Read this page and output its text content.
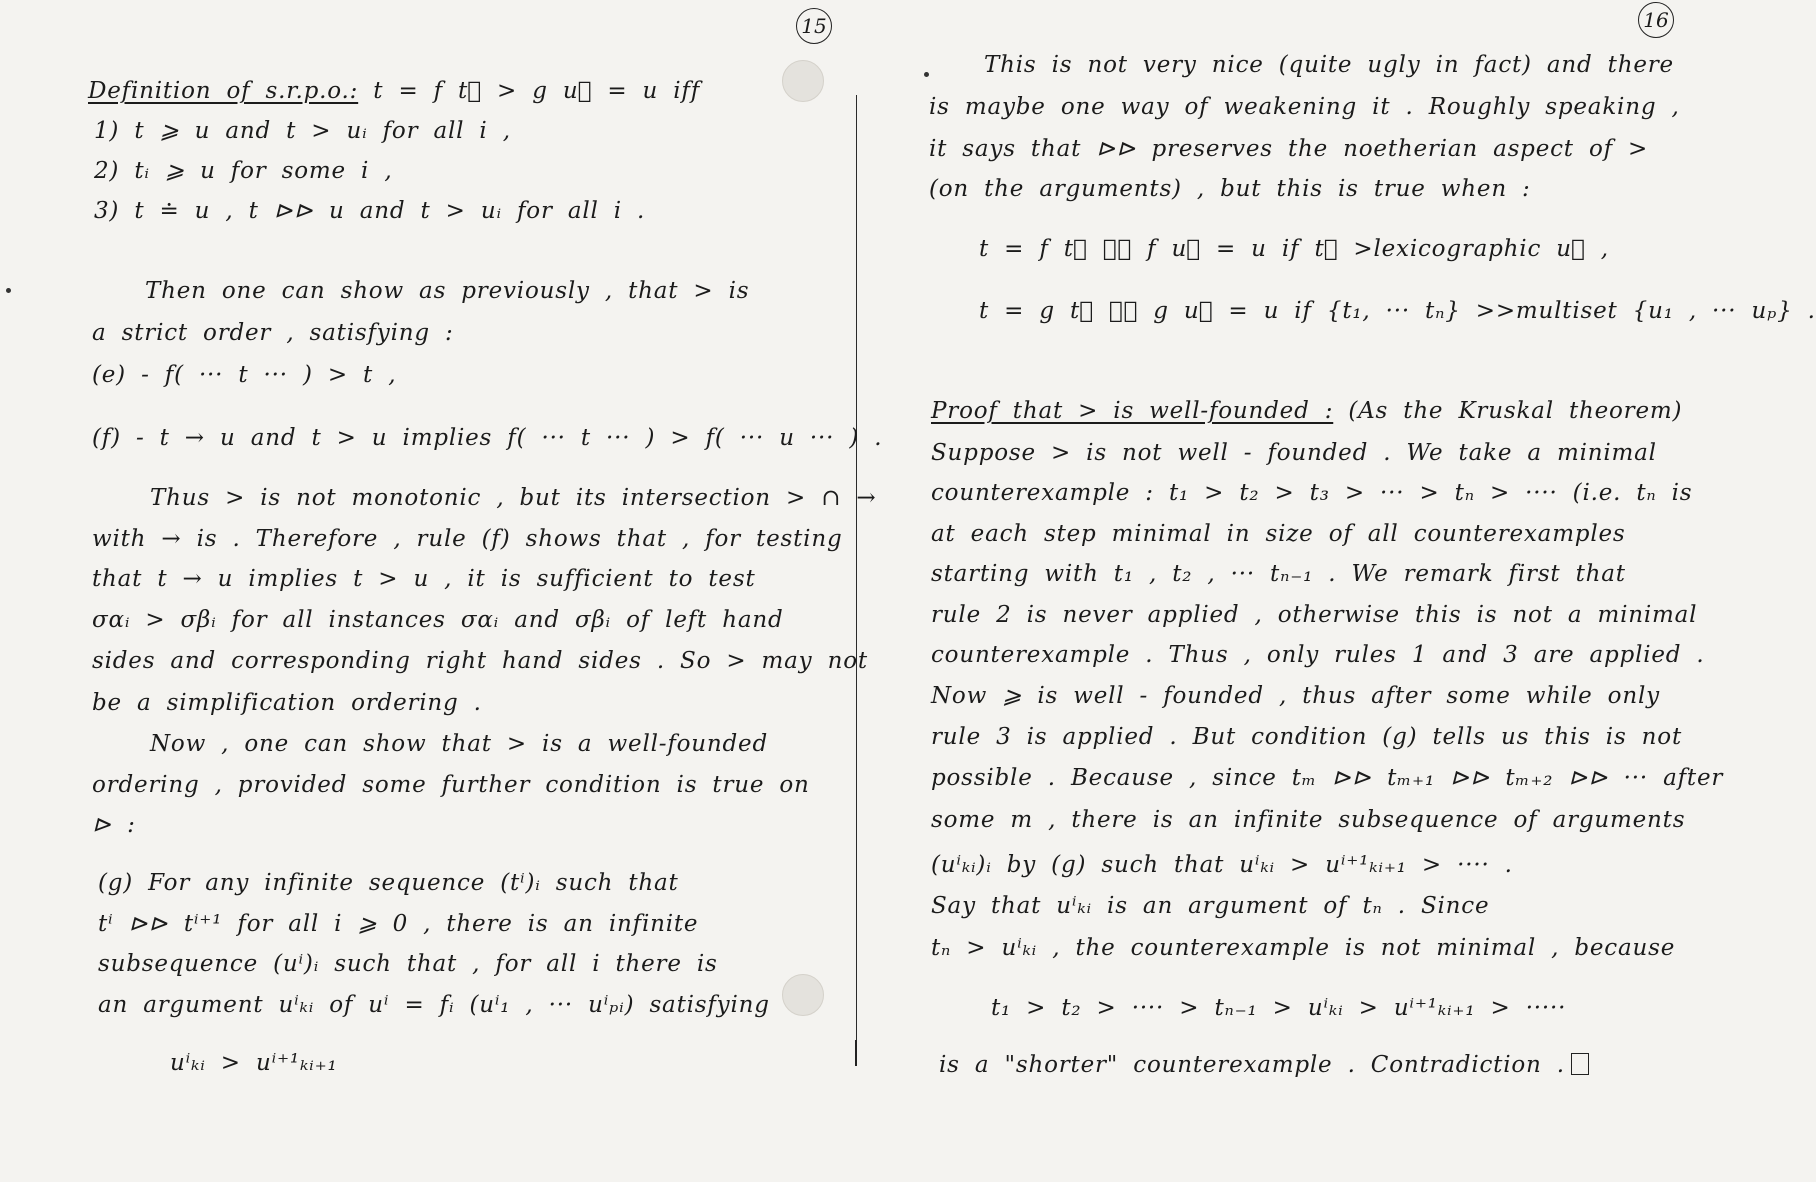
15	16
Definition of s.r.p.o.: t = f t⃗ > g u⃗ = u iff
1) t ⩾ u and t > uᵢ for all i ,
2) tᵢ ⩾ u for some i ,
3) t ≐ u , t ⊳⊳ u and t > uᵢ for all i .
Then one can show as previously , that > is
a strict order , satisfying :
(e) - f( ··· t ··· ) > t ,
(f) - t → u and t > u implies f( ··· t ··· ) > f( ··· u ··· ) .
Thus > is not monotonic , but its intersection > ∩ →
with → is . Therefore , rule (f) shows that , for testing
that t → u implies t > u , it is sufficient to test
σαᵢ > σβᵢ for all instances σαᵢ and σβᵢ of left hand
sides and corresponding right hand sides . So > may not
be a simplification ordering .
Now , one can show that > is a well-founded
ordering , provided some further condition is true on
⊳ :
(g) For any infinite sequence (tⁱ)ᵢ such that
tⁱ ⊳⊳ tⁱ⁺¹ for all i ⩾ 0 , there is an infinite
subsequence (uⁱ)ᵢ such that , for all i there is
an argument uⁱₖᵢ of uⁱ = fᵢ (uⁱ₁ , ··· uⁱₚᵢ) satisfying
uⁱₖᵢ > uⁱ⁺¹ₖᵢ₊₁
This is not very nice (quite ugly in fact) and there
is maybe one way of weakening it . Roughly speaking ,
it says that ⊳⊳ preserves the noetherian aspect of >
(on the arguments) , but this is true when :
t = f t⃗ ⊳⊳ f u⃗ = u if t⃗ >lexicographic u⃗ ,
t = g t⃗ ⊳⊳ g u⃗ = u if {t₁, ··· tₙ} >>multiset {u₁ , ··· uₚ} .
Proof that > is well-founded : (As the Kruskal theorem)
Suppose > is not well - founded . We take a minimal
counterexample : t₁ > t₂ > t₃ > ··· > tₙ > ···· (i.e. tₙ is
at each step minimal in size of all counterexamples
starting with t₁ , t₂ , ··· tₙ₋₁ . We remark first that
rule 2 is never applied , otherwise this is not a minimal
counterexample . Thus , only rules 1 and 3 are applied .
Now ⩾ is well - founded , thus after some while only
rule 3 is applied . But condition (g) tells us this is not
possible . Because , since tₘ ⊳⊳ tₘ₊₁ ⊳⊳ tₘ₊₂ ⊳⊳ ··· after
some m , there is an infinite subsequence of arguments
(uⁱₖᵢ)ᵢ by (g) such that uⁱₖᵢ > uⁱ⁺¹ₖᵢ₊₁ > ···· .
Say that uⁱₖᵢ is an argument of tₙ . Since
tₙ > uⁱₖᵢ , the counterexample is not minimal , because
t₁ > t₂ > ···· > tₙ₋₁ > uⁱₖᵢ > uⁱ⁺¹ₖᵢ₊₁ > ·····
is a "shorter" counterexample . Contradiction .
